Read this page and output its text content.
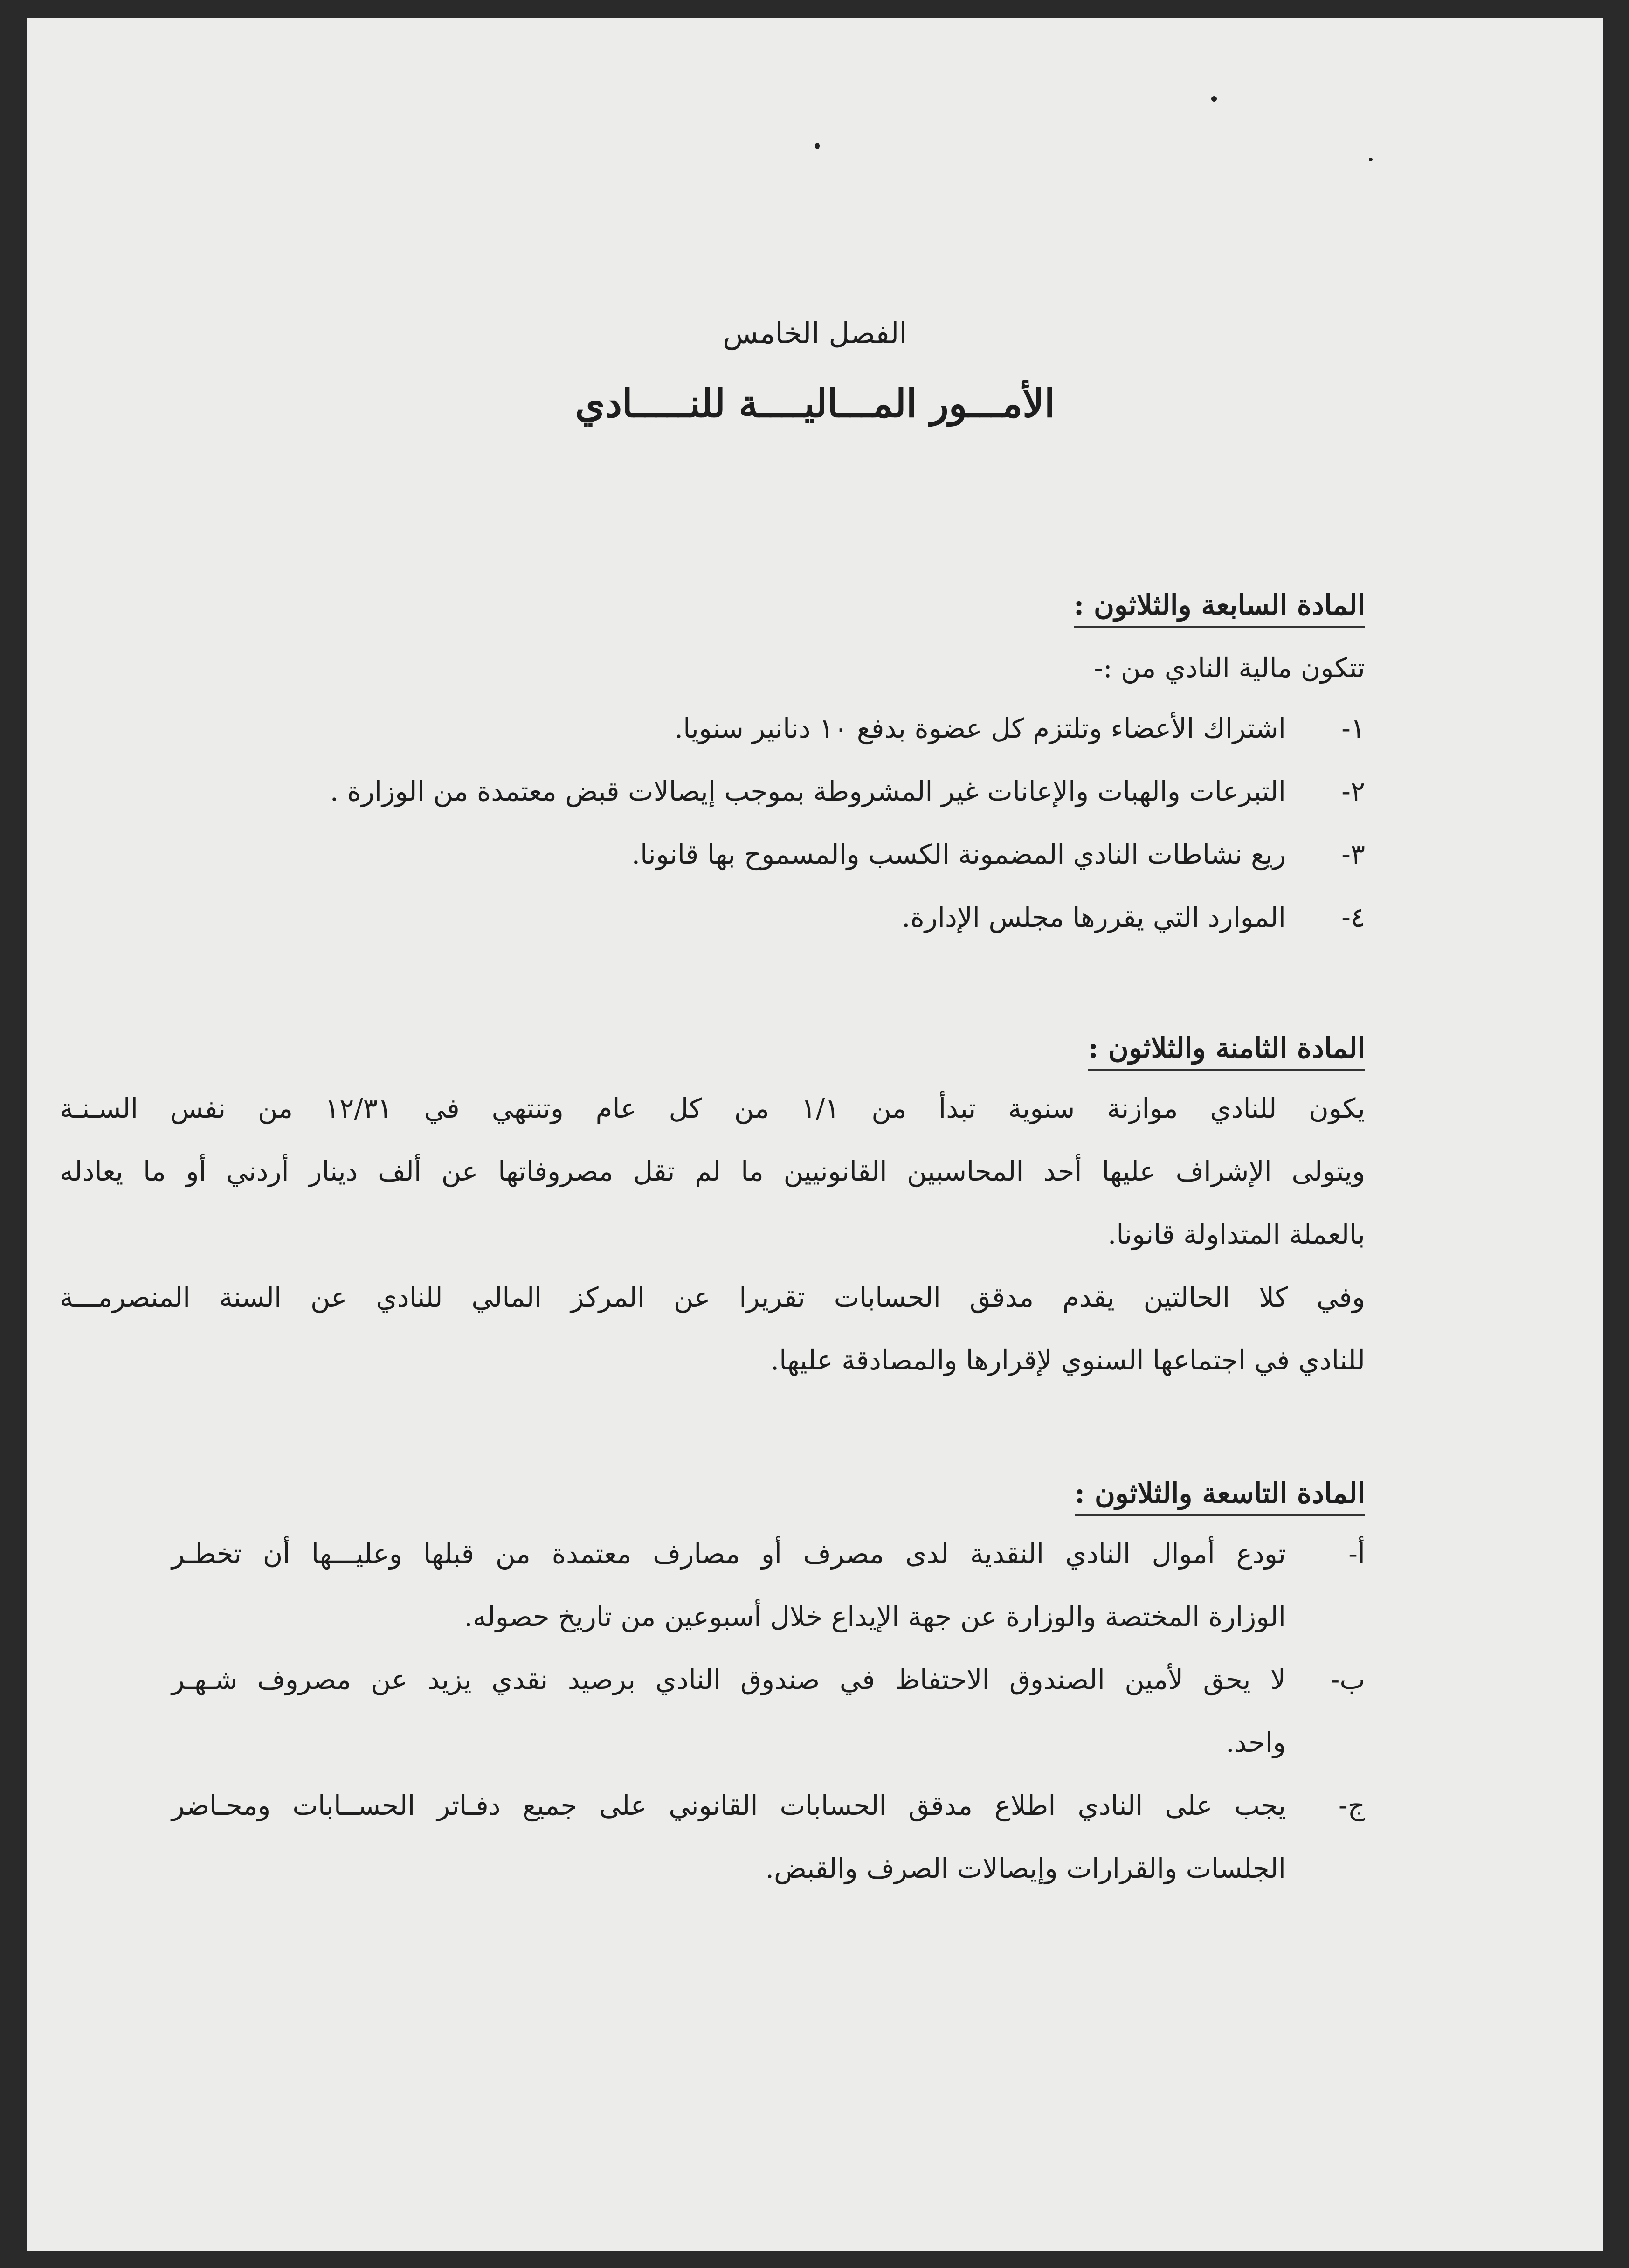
الفصل الخامس
الأمـــور المـــاليــــة للنـــــادي
المادة السابعة والثلاثون :
تتكون مالية النادي من :-
١-
اشتراك الأعضاء وتلتزم كل عضوة بدفع ١٠ دنانير سنويا.
٢-
التبرعات والهبات والإعانات غير المشروطة بموجب إيصالات قبض معتمدة من الوزارة .
٣-
ريع نشاطات النادي المضمونة الكسب والمسموح بها قانونا.
٤-
الموارد التي يقررها مجلس الإدارة.
المادة الثامنة والثلاثون :
يكون للنادي موازنة سنوية تبدأ من ١/١ من كل عام وتنتهي في ١٢/٣١ من نفس السـنـة
ويتولى الإشراف عليها أحد المحاسبين القانونيين ما لم تقل مصروفاتها عن ألف دينار أردني أو ما يعادله
بالعملة المتداولة قانونا.
وفي كلا الحالتين يقدم مدقق الحسابات تقريرا عن المركز المالي للنادي عن السنة المنصرمـــة
للنادي في اجتماعها السنوي لإقرارها والمصادقة عليها.
المادة التاسعة والثلاثون :
أ-
تودع أموال النادي النقدية لدى مصرف أو مصارف معتمدة من قبلها وعليـــها أن تخطـر
الوزارة المختصة والوزارة عن جهة الإيداع خلال أسبوعين من تاريخ حصوله.
ب-
لا يحق لأمين الصندوق الاحتفاظ في صندوق النادي برصيد نقدي يزيد عن مصروف شـهـر
واحد.
ج-
يجب على النادي اطلاع مدقق الحسابات القانوني على جميع دفـاتر الحســابات ومحـاضر
الجلسات والقرارات وإيصالات الصرف والقبض.
